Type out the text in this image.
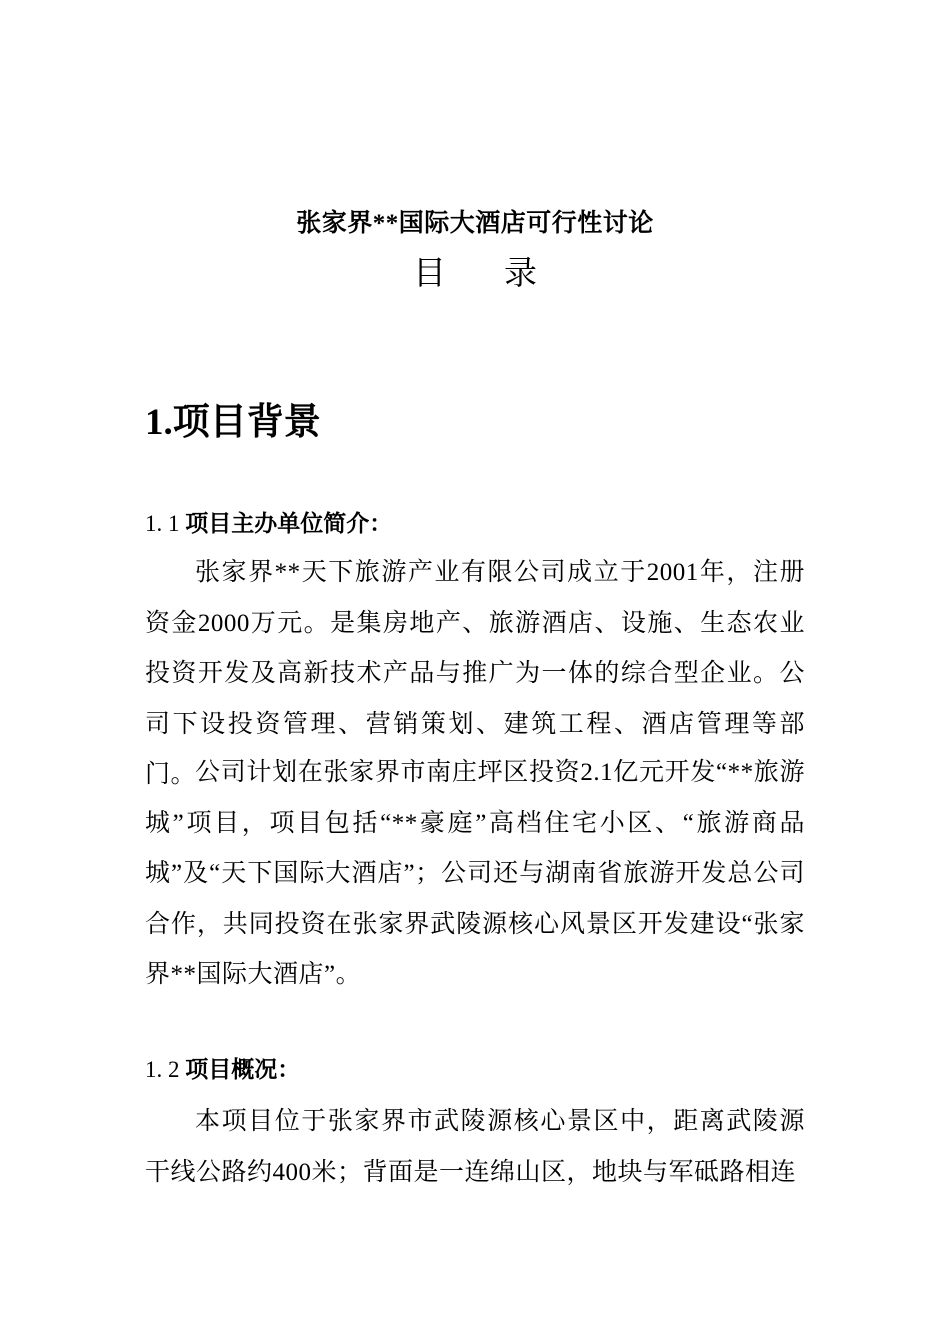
张家界**国际大酒店可行性讨论
目 录
1.项目背景
1. 1 项目主办单位简介：
张家界**天下旅游产业有限公司成立于2001年，注册资金2000万元。是集房地产、旅游酒店、设施、生态农业投资开发及高新技术产品与推广为一体的综合型企业。公司下设投资管理、营销策划、建筑工程、酒店管理等部门。
公司计划在张家界市南庄坪区投资2.1亿元开发“**旅游城”项目，项目包括“**豪庭”高档住宅小区、“旅游商品城”及“天下国际大酒店”；公司还与湖南省旅游开发总公司合作，共同投资在张家界武陵源核心风景区开发建设“张家界**国际大酒店”。
1. 2 项目概况：
本项目位于张家界市武陵源核心景区中，距离武陵源干线公路约400米；背面是一连绵山区，地块与军砥路相连
